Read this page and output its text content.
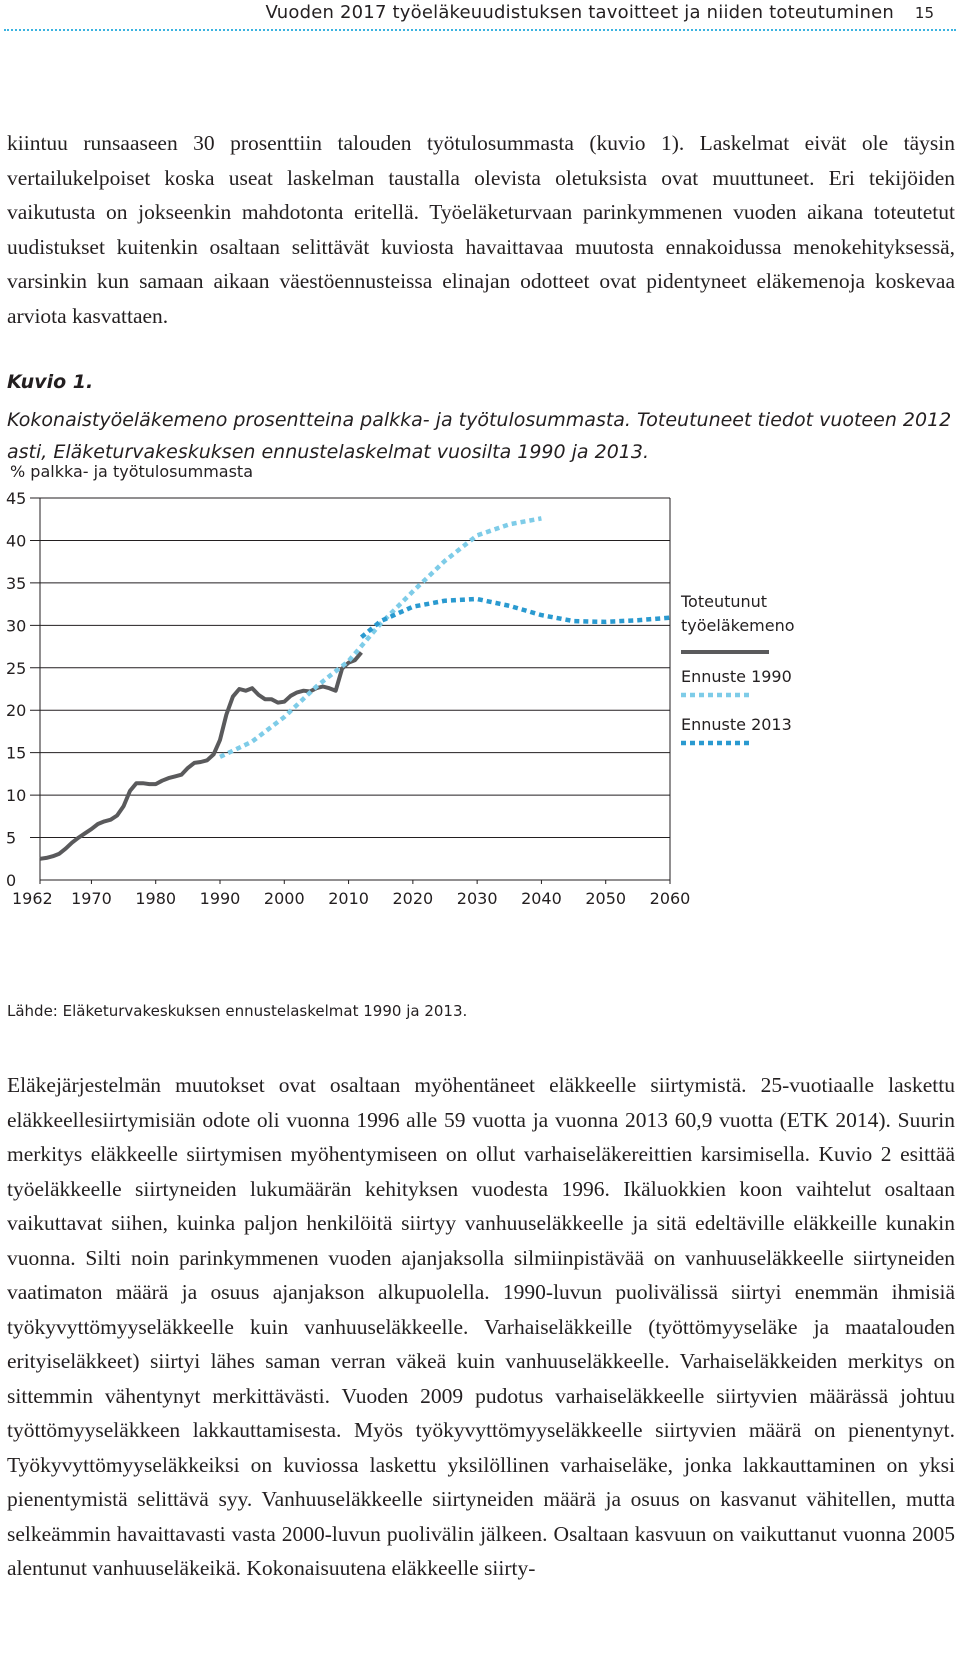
Vuoden 2017 työeläkeuudistuksen tavoitteet ja niiden toteutuminen 15

kiintuu runsaaseen 30 prosenttiin talouden työtulosummasta (kuvio 1). Laskelmat eivät ole täysin vertailukelpoiset koska useat laskelman taustalla olevista oletuksista ovat muuttuneet. Eri tekijöiden vaikutusta on jokseenkin mahdotonta eritellä. Työeläketurvaan parinkymmenen vuoden aikana toteutetut uudistukset kuitenkin osaltaan selittävät kuviosta havaittavaa muutosta ennakoidussa menokehityksessä, varsinkin kun samaan aikaan väestöennusteissa elinajan odotteet ovat pidentyneet eläkemenoja koskevaa arviota kasvattaen.

Kuvio 1.

Kokonaistyöeläkemeno prosentteina palkka- ja työtulosummasta. Toteutuneet tiedot vuoteen 2012 asti, Eläketurvakeskuksen ennustelaskelmat vuosilta 1990 ja 2013.

% palkka- ja työtulosummasta
0
5
10
15
20
25
30
35
40
45
1962 1970 1980 1990 2000 2010 2020 2030 2040 2050 2060
Toteutunut työeläkemeno
Ennuste 1990
Ennuste 2013

Lähde: Eläketurvakeskuksen ennustelaskelmat 1990 ja 2013.

Eläkejärjestelmän muutokset ovat osaltaan myöhentäneet eläkkeelle siirtymistä. 25-vuotiaalle laskettu eläkkeellesiirtymisiän odote oli vuonna 1996 alle 59 vuotta ja vuonna 2013 60,9 vuotta (ETK 2014). Suurin merkitys eläkkeelle siirtymisen myöhentymiseen on ollut varhaiseläkereittien karsimisella. Kuvio 2 esittää työeläkkeelle siirtyneiden lukumäärän kehityksen vuodesta 1996. Ikäluokkien koon vaihtelut osaltaan vaikuttavat siihen, kuinka paljon henkilöitä siirtyy vanhuuseläkkeelle ja sitä edeltäville eläkkeille kunakin vuonna. Silti noin parinkymmenen vuoden ajanjaksolla silmiinpistävää on vanhuuseläkkeelle siirtyneiden vaatimaton määrä ja osuus ajanjakson alkupuolella. 1990-luvun puolivälissä siirtyi enemmän ihmisiä työkyvyttömyyseläkkeelle kuin vanhuuseläkkeelle. Varhaiseläkkeille (työttömyyseläke ja maatalouden erityiseläkkeet) siirtyi lähes saman verran väkeä kuin vanhuuseläkkeelle. Varhaiseläkkeiden merkitys on sittemmin vähentynyt merkittävästi. Vuoden 2009 pudotus varhaiseläkkeelle siirtyvien määrässä johtuu työttömyyseläkkeen lakkauttamisesta. Myös työkyvyttömyyseläkkeelle siirtyvien määrä on pienentynyt. Työkyvyttömyyseläkkeiksi on kuviossa laskettu yksilöllinen varhaiseläke, jonka lakkauttaminen on yksi pienentymistä selittävä syy. Vanhuuseläkkeelle siirtyneiden määrä ja osuus on kasvanut vähitellen, mutta selkeämmin havaittavasti vasta 2000-luvun puolivälin jälkeen. Osaltaan kasvuun on vaikuttanut vuonna 2005 alentunut vanhuuseläkeikä. Kokonaisuutena eläkkeelle siirty-
